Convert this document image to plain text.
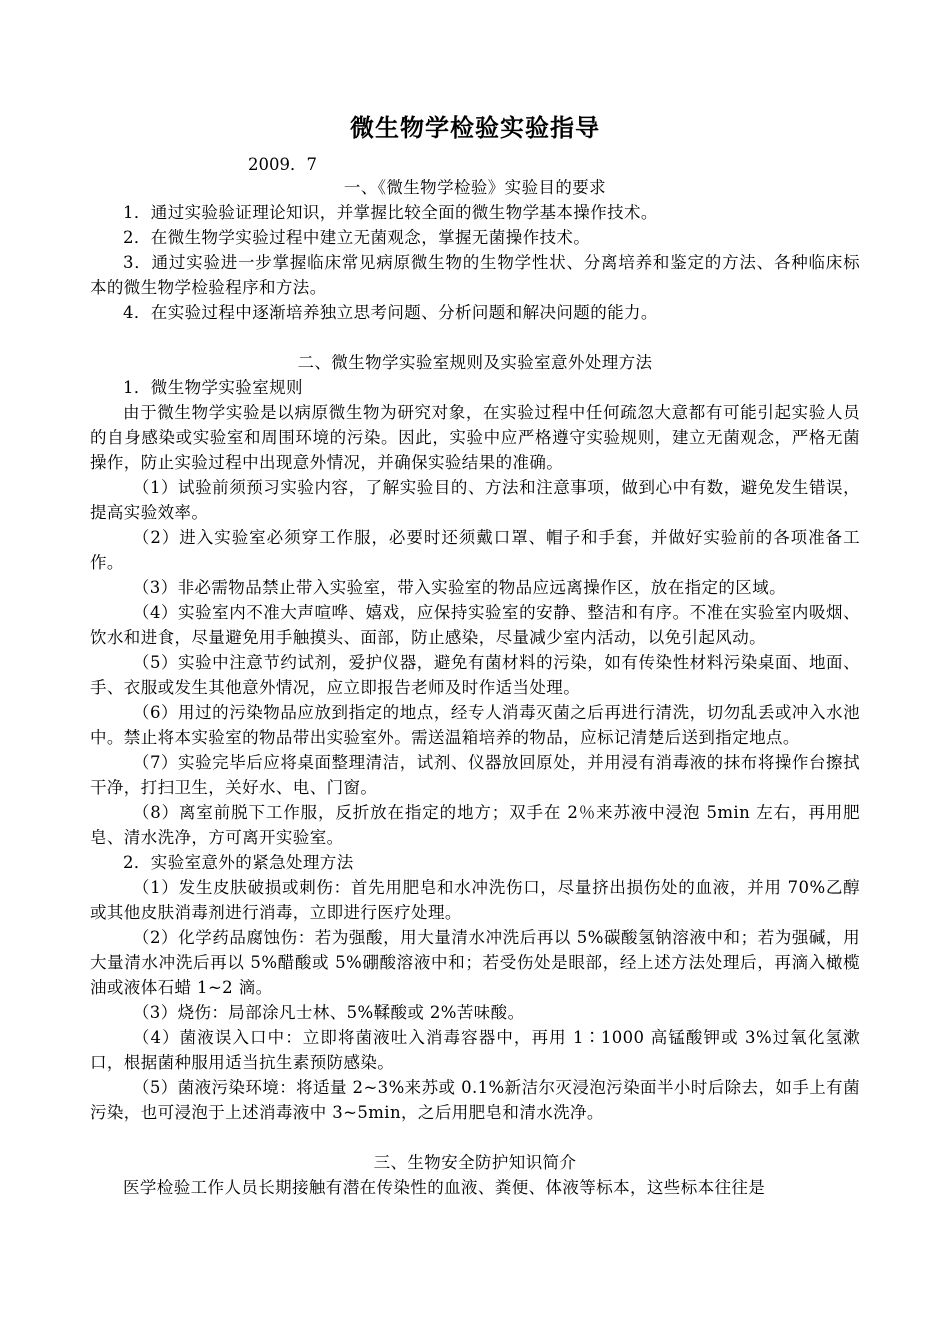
微生物学检验实验指导
2009．7
一、《微生物学检验》实验目的要求
1．通过实验验证理论知识，并掌握比较全面的微生物学基本操作技术。
2．在微生物学实验过程中建立无菌观念，掌握无菌操作技术。
3．通过实验进一步掌握临床常见病原微生物的生物学性状、分离培养和鉴定的方法、各种临床标本的微生物学检验程序和方法。
4．在实验过程中逐渐培养独立思考问题、分析问题和解决问题的能力。
二、微生物学实验室规则及实验室意外处理方法
1．微生物学实验室规则
由于微生物学实验是以病原微生物为研究对象，在实验过程中任何疏忽大意都有可能引起实验人员的自身感染或实验室和周围环境的污染。因此，实验中应严格遵守实验规则，建立无菌观念，严格无菌操作，防止实验过程中出现意外情况，并确保实验结果的准确。
（1）试验前须预习实验内容，了解实验目的、方法和注意事项，做到心中有数，避免发生错误，提高实验效率。
（2）进入实验室必须穿工作服，必要时还须戴口罩、帽子和手套，并做好实验前的各项准备工作。
（3）非必需物品禁止带入实验室，带入实验室的物品应远离操作区，放在指定的区域。
（4）实验室内不准大声喧哗、嬉戏，应保持实验室的安静、整洁和有序。不准在实验室内吸烟、饮水和进食，尽量避免用手触摸头、面部，防止感染，尽量减少室内活动，以免引起风动。
（5）实验中注意节约试剂，爱护仪器，避免有菌材料的污染，如有传染性材料污染桌面、地面、手、衣服或发生其他意外情况，应立即报告老师及时作适当处理。
（6）用过的污染物品应放到指定的地点，经专人消毒灭菌之后再进行清洗，切勿乱丢或冲入水池中。禁止将本实验室的物品带出实验室外。需送温箱培养的物品，应标记清楚后送到指定地点。
（7）实验完毕后应将桌面整理清洁，试剂、仪器放回原处，并用浸有消毒液的抹布将操作台擦拭干净，打扫卫生，关好水、电、门窗。
（8）离室前脱下工作服，反折放在指定的地方；双手在 2％来苏液中浸泡 5min 左右，再用肥皂、清水洗净，方可离开实验室。
2．实验室意外的紧急处理方法
（1）发生皮肤破损或刺伤：首先用肥皂和水冲洗伤口，尽量挤出损伤处的血液，并用 70%乙醇或其他皮肤消毒剂进行消毒，立即进行医疗处理。
（2）化学药品腐蚀伤：若为强酸，用大量清水冲洗后再以 5%碳酸氢钠溶液中和；若为强碱，用大量清水冲洗后再以 5%醋酸或 5%硼酸溶液中和；若受伤处是眼部，经上述方法处理后，再滴入橄榄油或液体石蜡 1~2 滴。
（3）烧伤：局部涂凡士林、5%鞣酸或 2%苦味酸。
（4）菌液误入口中：立即将菌液吐入消毒容器中，再用 1∶1000 高锰酸钾或 3%过氧化氢漱口，根据菌种服用适当抗生素预防感染。
（5）菌液污染环境：将适量 2~3%来苏或 0.1%新洁尔灭浸泡污染面半小时后除去，如手上有菌污染，也可浸泡于上述消毒液中 3~5min，之后用肥皂和清水洗净。
三、生物安全防护知识简介
医学检验工作人员长期接触有潜在传染性的血液、粪便、体液等标本，这些标本往往是
